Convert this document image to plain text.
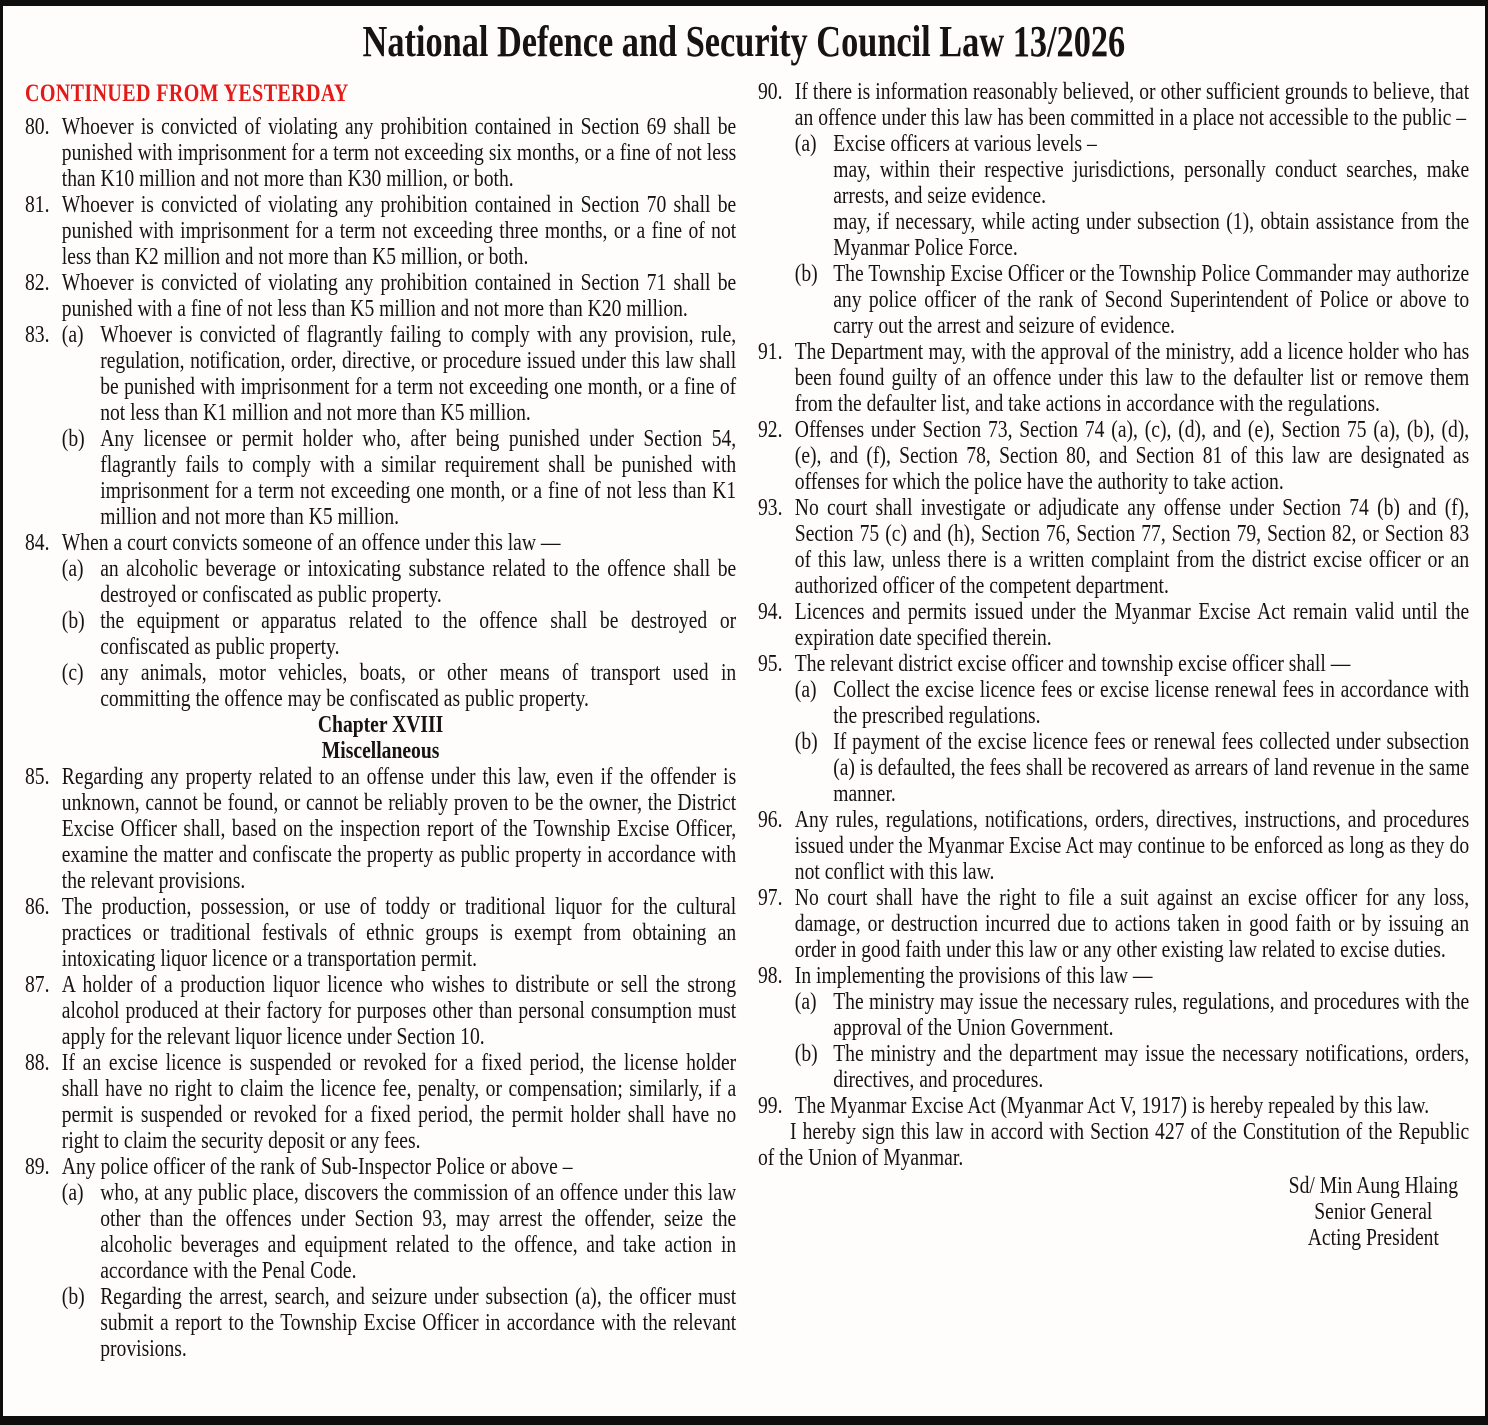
National Defence and Security Council Law 13/2026
CONTINUED FROM YESTERDAY
80. Whoever is convicted of violating any prohibition contained in Section 69 shall be punished with imprisonment for a term not exceeding six months, or a fine of not less than K10 million and not more than K30 million, or both.
81. Whoever is convicted of violating any prohibition contained in Section 70 shall be punished with imprisonment for a term not exceeding three months, or a fine of not less than K2 million and not more than K5 million, or both.
82. Whoever is convicted of violating any prohibition contained in Section 71 shall be punished with a fine of not less than K5 million and not more than K20 million.
83. (a) Whoever is convicted of flagrantly failing to comply with any provision, rule, regulation, notification, order, directive, or procedure issued under this law shall be punished with imprisonment for a term not exceeding one month, or a fine of not less than K1 million and not more than K5 million.
(b) Any licensee or permit holder who, after being punished under Section 54, flagrantly fails to comply with a similar requirement shall be punished with imprisonment for a term not exceeding one month, or a fine of not less than K1 million and not more than K5 million.
84. When a court convicts someone of an offence under this law —
(a) an alcoholic beverage or intoxicating substance related to the offence shall be destroyed or confiscated as public property.
(b) the equipment or apparatus related to the offence shall be destroyed or confiscated as public property.
(c) any animals, motor vehicles, boats, or other means of transport used in committing the offence may be confiscated as public property.
Chapter XVIII
Miscellaneous
85. Regarding any property related to an offense under this law, even if the offender is unknown, cannot be found, or cannot be reliably proven to be the owner, the District Excise Officer shall, based on the inspection report of the Township Excise Officer, examine the matter and confiscate the property as public property in accordance with the relevant provisions.
86. The production, possession, or use of toddy or traditional liquor for the cultural practices or traditional festivals of ethnic groups is exempt from obtaining an intoxicating liquor licence or a transportation permit.
87. A holder of a production liquor licence who wishes to distribute or sell the strong alcohol produced at their factory for purposes other than personal consumption must apply for the relevant liquor licence under Section 10.
88. If an excise licence is suspended or revoked for a fixed period, the license holder shall have no right to claim the licence fee, penalty, or compensation; similarly, if a permit is suspended or revoked for a fixed period, the permit holder shall have no right to claim the security deposit or any fees.
89. Any police officer of the rank of Sub-Inspector Police or above –
(a) who, at any public place, discovers the commission of an offence under this law other than the offences under Section 93, may arrest the offender, seize the alcoholic beverages and equipment related to the offence, and take action in accordance with the Penal Code.
(b) Regarding the arrest, search, and seizure under subsection (a), the officer must submit a report to the Township Excise Officer in accordance with the relevant provisions.
90. If there is information reasonably believed, or other sufficient grounds to believe, that an offence under this law has been committed in a place not accessible to the public –
(a) Excise officers at various levels –
may, within their respective jurisdictions, personally conduct searches, make arrests, and seize evidence.
may, if necessary, while acting under subsection (1), obtain assistance from the Myanmar Police Force.
(b) The Township Excise Officer or the Township Police Commander may authorize any police officer of the rank of Second Superintendent of Police or above to carry out the arrest and seizure of evidence.
91. The Department may, with the approval of the ministry, add a licence holder who has been found guilty of an offence under this law to the defaulter list or remove them from the defaulter list, and take actions in accordance with the regulations.
92. Offenses under Section 73, Section 74 (a), (c), (d), and (e), Section 75 (a), (b), (d), (e), and (f), Section 78, Section 80, and Section 81 of this law are designated as offenses for which the police have the authority to take action.
93. No court shall investigate or adjudicate any offense under Section 74 (b) and (f), Section 75 (c) and (h), Section 76, Section 77, Section 79, Section 82, or Section 83 of this law, unless there is a written complaint from the district excise officer or an authorized officer of the competent department.
94. Licences and permits issued under the Myanmar Excise Act remain valid until the expiration date specified therein.
95. The relevant district excise officer and township excise officer shall —
(a) Collect the excise licence fees or excise license renewal fees in accordance with the prescribed regulations.
(b) If payment of the excise licence fees or renewal fees collected under subsection (a) is defaulted, the fees shall be recovered as arrears of land revenue in the same manner.
96. Any rules, regulations, notifications, orders, directives, instructions, and procedures issued under the Myanmar Excise Act may continue to be enforced as long as they do not conflict with this law.
97. No court shall have the right to file a suit against an excise officer for any loss, damage, or destruction incurred due to actions taken in good faith or by issuing an order in good faith under this law or any other existing law related to excise duties.
98. In implementing the provisions of this law —
(a) The ministry may issue the necessary rules, regulations, and procedures with the approval of the Union Government.
(b) The ministry and the department may issue the necessary notifications, orders, directives, and procedures.
99. The Myanmar Excise Act (Myanmar Act V, 1917) is hereby repealed by this law.
I hereby sign this law in accord with Section 427 of the Constitution of the Republic of the Union of Myanmar.
Sd/ Min Aung Hlaing
Senior General
Acting President
